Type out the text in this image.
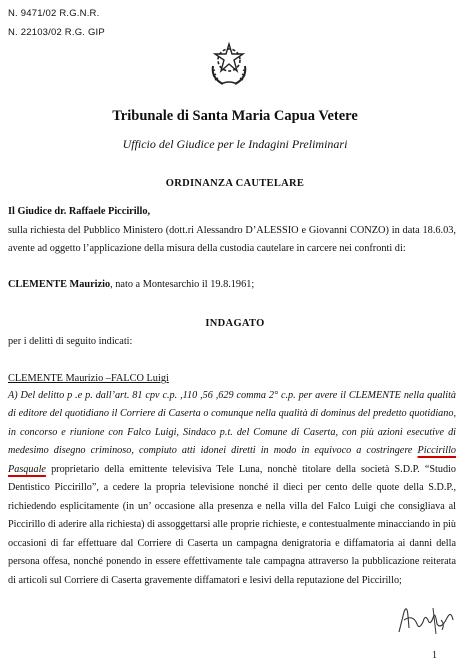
N. 9471/02 R.G.N.R.
N. 22103/02 R.G. GIP
Tribunale di Santa Maria Capua Vetere
Ufficio del Giudice per le Indagini Preliminari
ORDINANZA CAUTELARE
Il Giudice dr. Raffaele Piccirillo,
sulla richiesta del Pubblico Ministero (dott.ri Alessandro D’ALESSIO e Giovanni CONZO) in data 18.6.03, avente ad oggetto l’applicazione della misura della custodia cautelare in carcere nei confronti di:
CLEMENTE Maurizio, nato a Montesarchio il 19.8.1961;
INDAGATO
per i delitti di seguito indicati:
CLEMENTE Maurizio –FALCO Luigi
A) Del delitto p .e p. dall’art. 81 cpv c.p. ,110 ,56 ,629 comma 2° c.p. per avere il CLEMENTE nella qualità di editore del quotidiano il Corriere di Caserta o comunque nella qualità di dominus del predetto quotidiano, in concorso e riunione con Falco Luigi, Sindaco p.t. del Comune di Caserta, con più azioni esecutive di medesimo disegno criminoso, compiuto atti idonei diretti in modo in equivoco a costringere Piccirillo Pasquale proprietario della emittente televisiva Tele Luna, nonchè titolare della società S.D.P. “Studio Dentistico Piccirillo”, a cedere la propria televisione nonché il dieci per cento delle quote della S.D.P., richiedendo esplicitamente (in un’ occasione alla presenza e nella villa del Falco Luigi che consigliava al Piccirillo di aderire alla richiesta) di assoggettarsi alle proprie richieste, e contestualmente minacciando in più occasioni di far effettuare dal Corriere di Caserta un campagna denigratoria e diffamatoria ai danni della persona offesa, nonché ponendo in essere effettivamente tale campagna attraverso la pubblicazione reiterata di articoli sul Corriere di Caserta gravemente diffamatori e lesivi della reputazione del Piccirillo;
1
